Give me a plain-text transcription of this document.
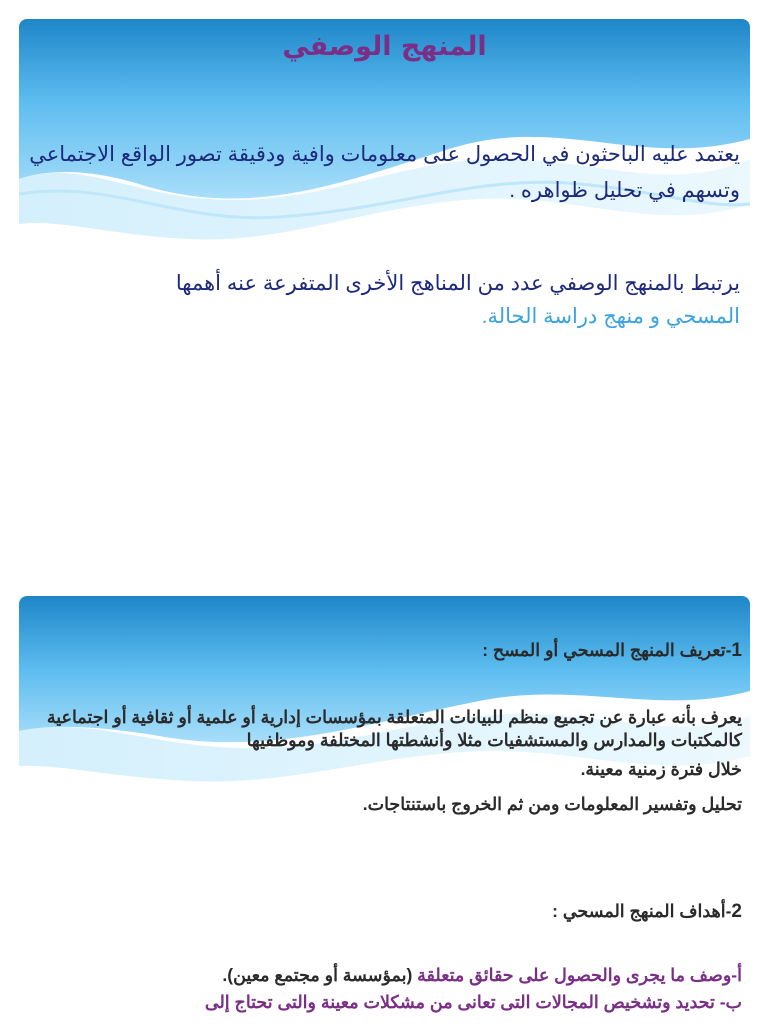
المنهج الوصفي
يعتمد عليه الباحثون في الحصول على معلومات وافية ودقيقة تصور الواقع الاجتماعي وتسهم في تحليل ظواهره .
يرتبط بالمنهج الوصفي عدد من المناهج الأخرى المتفرعة عنه أهمها
المسحي و منهج دراسة الحالة.
1-تعريف المنهج المسحي أو المسح :
يعرف بأنه عبارة عن تجميع منظم للبيانات المتعلقة بمؤسسات إدارية أو علمية أو ثقافية أو اجتماعية كالمكتبات والمدارس والمستشفيات مثلا وأنشطتها المختلفة وموظفيها
خلال فترة زمنية معينة.
تحليل وتفسير المعلومات ومن ثم الخروج باستنتاجات.
2-أهداف المنهج المسحي :
أ-وصف ما يجرى والحصول على حقائق متعلقة (بمؤسسة أو مجتمع معين).
ب- تحديد وتشخيص المجالات التى تعانى من مشكلات معينة والتى تحتاج إلى
